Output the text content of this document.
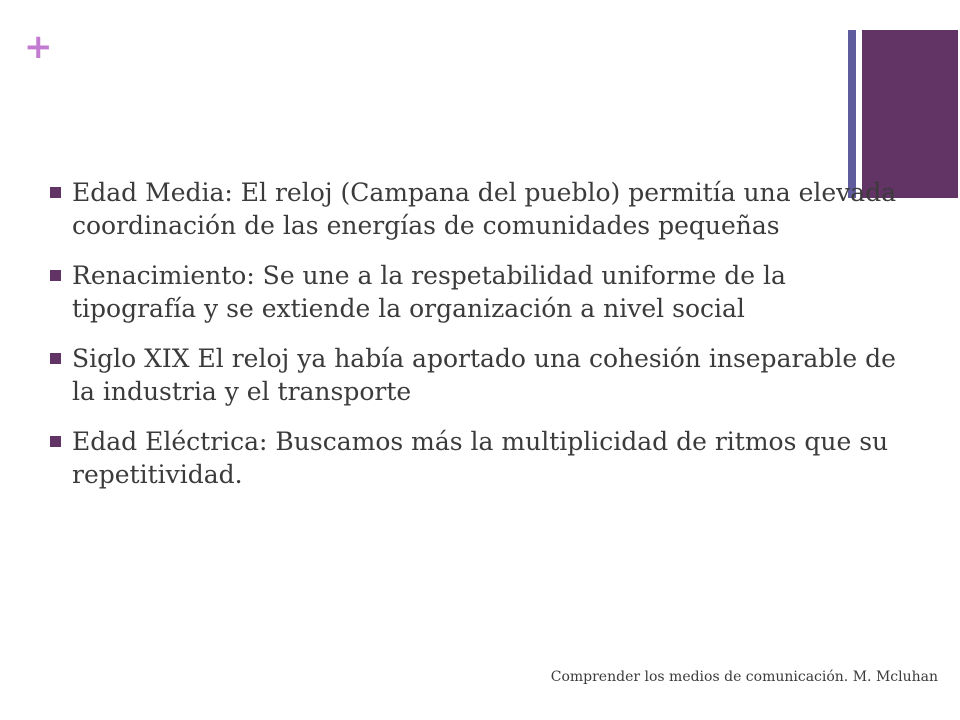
+
Edad Media: El reloj (Campana del pueblo) permitía una elevada coordinación de las energías de comunidades pequeñas
Renacimiento: Se une a la respetabilidad uniforme de la tipografía y se extiende la organización a nivel social
Siglo XIX El reloj ya había aportado una cohesión inseparable de la industria y el transporte
Edad Eléctrica: Buscamos más la multiplicidad de ritmos que su repetitividad.
Comprender los medios de comunicación. M. Mcluhan
